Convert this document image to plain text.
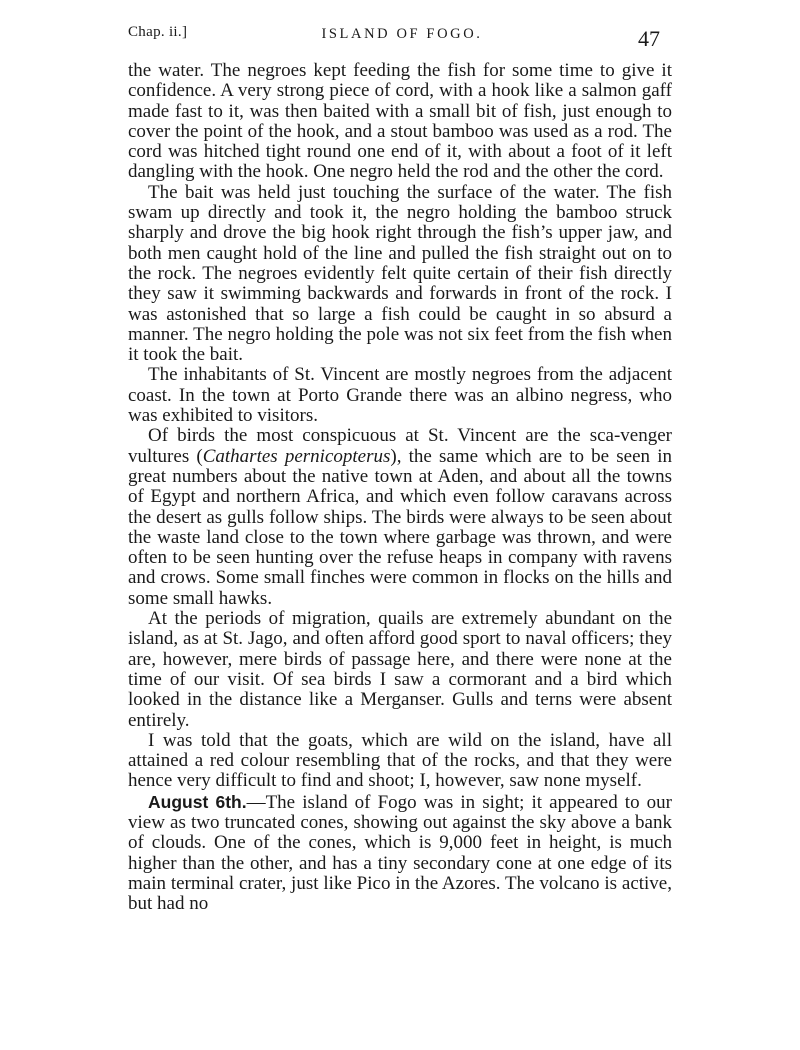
Chap. ii.]	ISLAND OF FOGO.	47

the water. The negroes kept feeding the fish for some time to give it confidence. A very strong piece of cord, with a hook like a salmon gaff made fast to it, was then baited with a small bit of fish, just enough to cover the point of the hook, and a stout bamboo was used as a rod. The cord was hitched tight round one end of it, with about a foot of it left dangling with the hook. One negro held the rod and the other the cord.

The bait was held just touching the surface of the water. The fish swam up directly and took it, the negro holding the bamboo struck sharply and drove the big hook right through the fish’s upper jaw, and both men caught hold of the line and pulled the fish straight out on to the rock. The negroes evidently felt quite certain of their fish directly they saw it swimming backwards and forwards in front of the rock. I was astonished that so large a fish could be caught in so absurd a manner. The negro holding the pole was not six feet from the fish when it took the bait.

The inhabitants of St. Vincent are mostly negroes from the adjacent coast. In the town at Porto Grande there was an albino negress, who was exhibited to visitors.

Of birds the most conspicuous at St. Vincent are the sca-venger vultures (Cathartes pernicopterus), the same which are to be seen in great numbers about the native town at Aden, and about all the towns of Egypt and northern Africa, and which even follow caravans across the desert as gulls follow ships. The birds were always to be seen about the waste land close to the town where garbage was thrown, and were often to be seen hunting over the refuse heaps in company with ravens and crows. Some small finches were common in flocks on the hills and some small hawks.

At the periods of migration, quails are extremely abundant on the island, as at St. Jago, and often afford good sport to naval officers; they are, however, mere birds of passage here, and there were none at the time of our visit. Of sea birds I saw a cormorant and a bird which looked in the distance like a Merganser. Gulls and terns were absent entirely.

I was told that the goats, which are wild on the island, have all attained a red colour resembling that of the rocks, and that they were hence very difficult to find and shoot; I, however, saw none myself.

August 6th.—The island of Fogo was in sight; it appeared to our view as two truncated cones, showing out against the sky above a bank of clouds. One of the cones, which is 9,000 feet in height, is much higher than the other, and has a tiny secondary cone at one edge of its main terminal crater, just like Pico in the Azores. The volcano is active, but had no
